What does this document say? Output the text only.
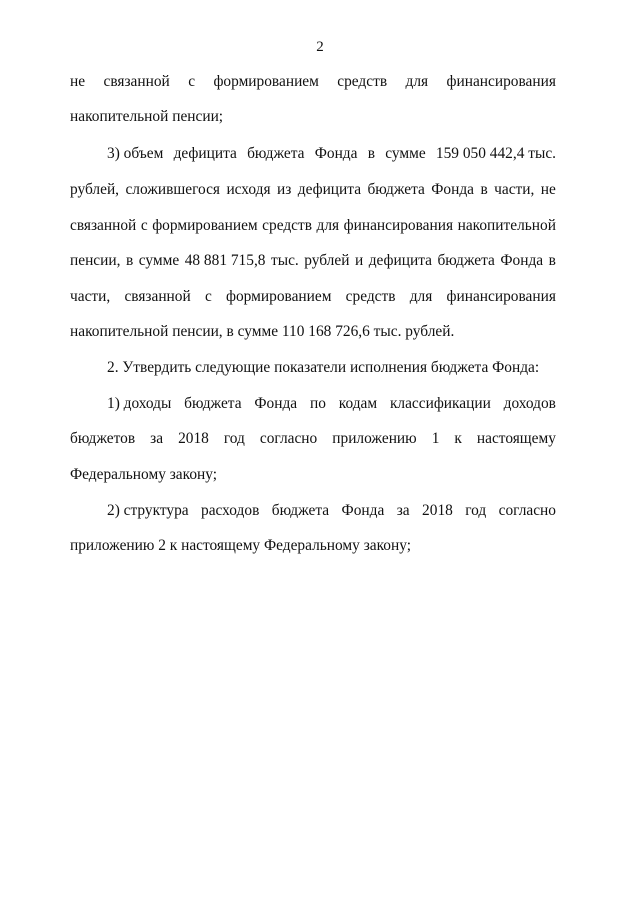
2
не связанной с формированием средств для финансирования
накопительной пенсии;
3) объем дефицита бюджета Фонда в сумме 159 050 442,4 тыс.
рублей, сложившегося исходя из дефицита бюджета Фонда в части, не
связанной с формированием средств для финансирования накопительной
пенсии, в сумме 48 881 715,8 тыс. рублей и дефицита бюджета Фонда в
части, связанной с формированием средств для финансирования
накопительной пенсии, в сумме 110 168 726,6 тыс. рублей.
2. Утвердить следующие показатели исполнения бюджета Фонда:
1) доходы бюджета Фонда по кодам классификации доходов
бюджетов за 2018 год согласно приложению 1 к настоящему
Федеральному закону;
2) структура расходов бюджета Фонда за 2018 год согласно
приложению 2 к настоящему Федеральному закону;
